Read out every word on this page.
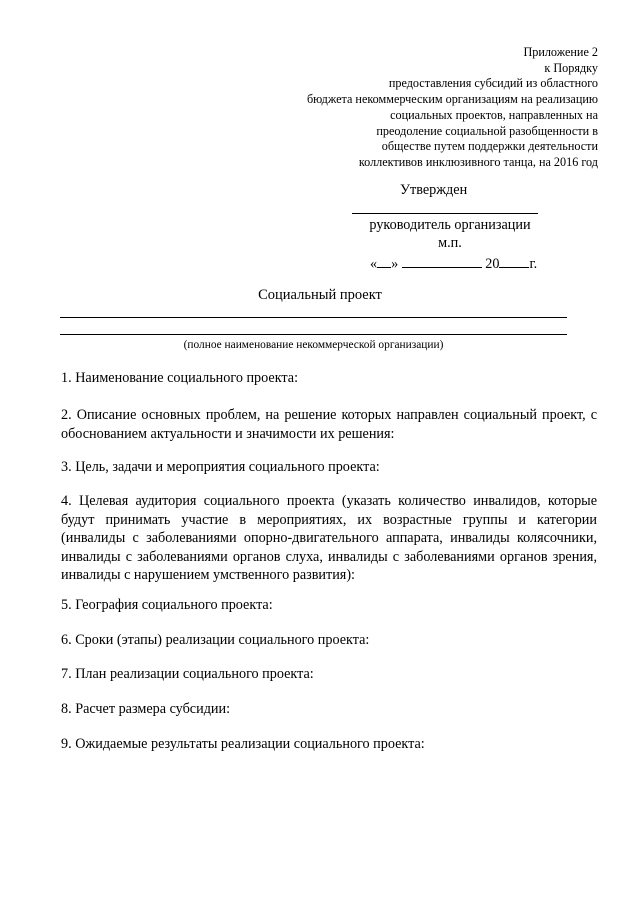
Приложение 2
к Порядку
предоставления субсидий из областного
бюджета некоммерческим организациям на реализацию
социальных проектов, направленных на
преодоление социальной разобщенности в
обществе путем поддержки деятельности
коллективов инклюзивного танца, на 2016 год
Утвержден
руководитель организации
м.п.
« »	20 г.
Социальный проект
(полное наименование некоммерческой организации)
1. Наименование социального проекта:
2. Описание основных проблем, на решение которых направлен социальный проект, с обоснованием актуальности и значимости их решения:
3. Цель, задачи и мероприятия социального проекта:
4. Целевая аудитория социального проекта (указать количество инвалидов, которые будут принимать участие в мероприятиях, их возрастные группы и категории (инвалиды с заболеваниями опорно-двигательного аппарата, инвалиды колясочники, инвалиды с заболеваниями органов слуха, инвалиды с заболеваниями органов зрения, инвалиды с нарушением умственного развития):
5. География социального проекта:
6. Сроки (этапы) реализации социального проекта:
7. План реализации социального проекта:
8. Расчет размера субсидии:
9. Ожидаемые результаты реализации социального проекта:
